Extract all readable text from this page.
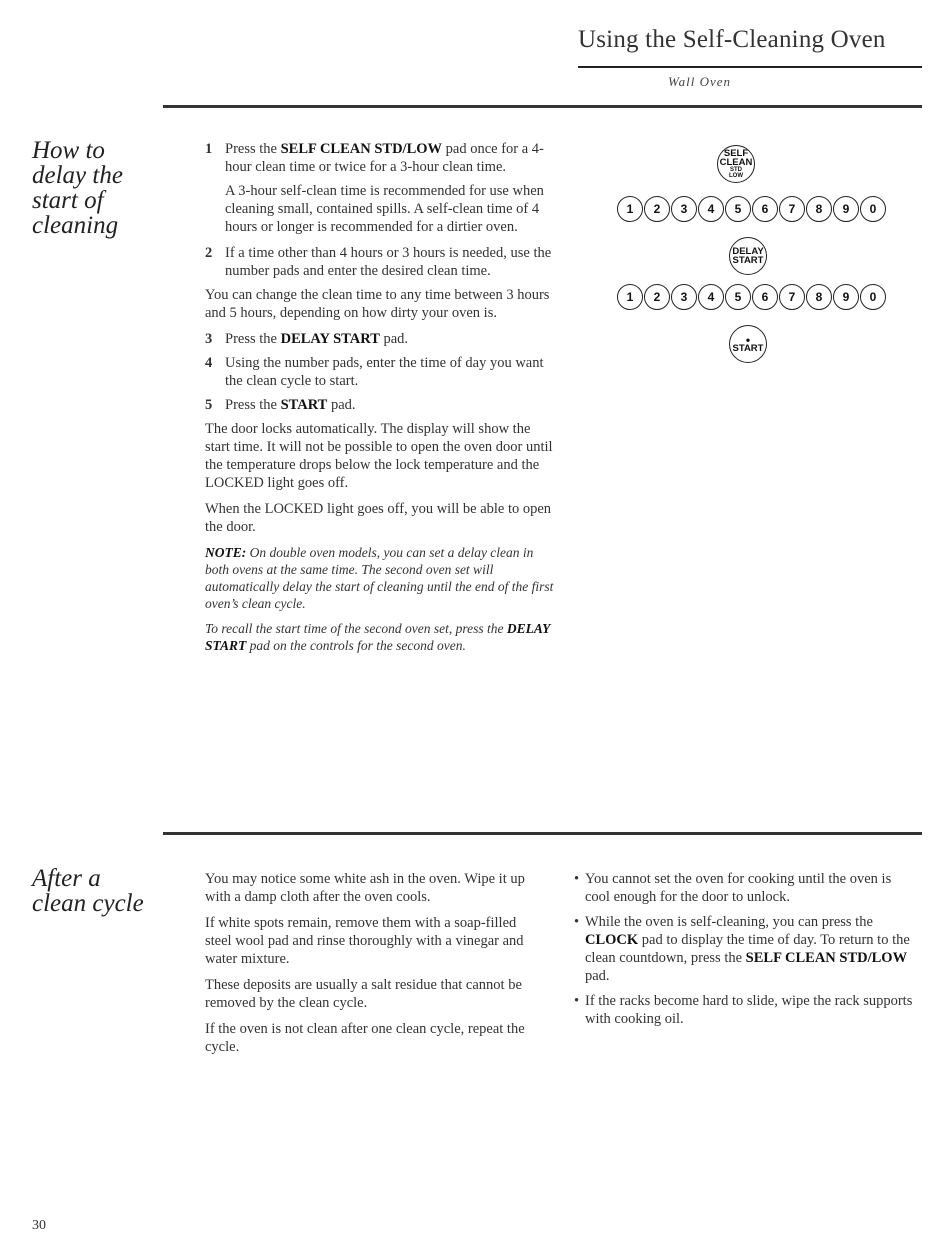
Using the Self-Cleaning Oven
Wall Oven
How to
delay the
start of
cleaning
1 Press the SELF CLEAN STD/LOW pad once for a 4-hour clean time or twice for a 3-hour clean time.

A 3-hour self-clean time is recommended for use when cleaning small, contained spills. A self-clean time of 4 hours or longer is recommended for a dirtier oven.

2 If a time other than 4 hours or 3 hours is needed, use the number pads and enter the desired clean time.

You can change the clean time to any time between 3 hours and 5 hours, depending on how dirty your oven is.

3 Press the DELAY START pad.
4 Using the number pads, enter the time of day you want the clean cycle to start.
5 Press the START pad.

The door locks automatically. The display will show the start time. It will not be possible to open the oven door until the temperature drops below the lock temperature and the LOCKED light goes off.

When the LOCKED light goes off, you will be able to open the door.

NOTE: On double oven models, you can set a delay clean in both ovens at the same time. The second oven set will automatically delay the start of cleaning until the end of the first oven’s clean cycle.

To recall the start time of the second oven set, press the DELAY START pad on the controls for the second oven.

SELF
CLEAN
STD
LOW
1	2	3	4	5	6	7	8	9	0
DELAY
START
1	2	3	4	5	6	7	8	9	0
•
START
After a
clean cycle

You may notice some white ash in the oven. Wipe it up with a damp cloth after the oven cools.

If white spots remain, remove them with a soap-filled steel wool pad and rinse thoroughly with a vinegar and water mixture.

These deposits are usually a salt residue that cannot be removed by the clean cycle.

If the oven is not clean after one clean cycle, repeat the cycle.

• You cannot set the oven for cooking until the oven is cool enough for the door to unlock.
• While the oven is self-cleaning, you can press the CLOCK pad to display the time of day. To return to the clean countdown, press the SELF CLEAN STD/LOW pad.
• If the racks become hard to slide, wipe the rack supports with cooking oil.
30
